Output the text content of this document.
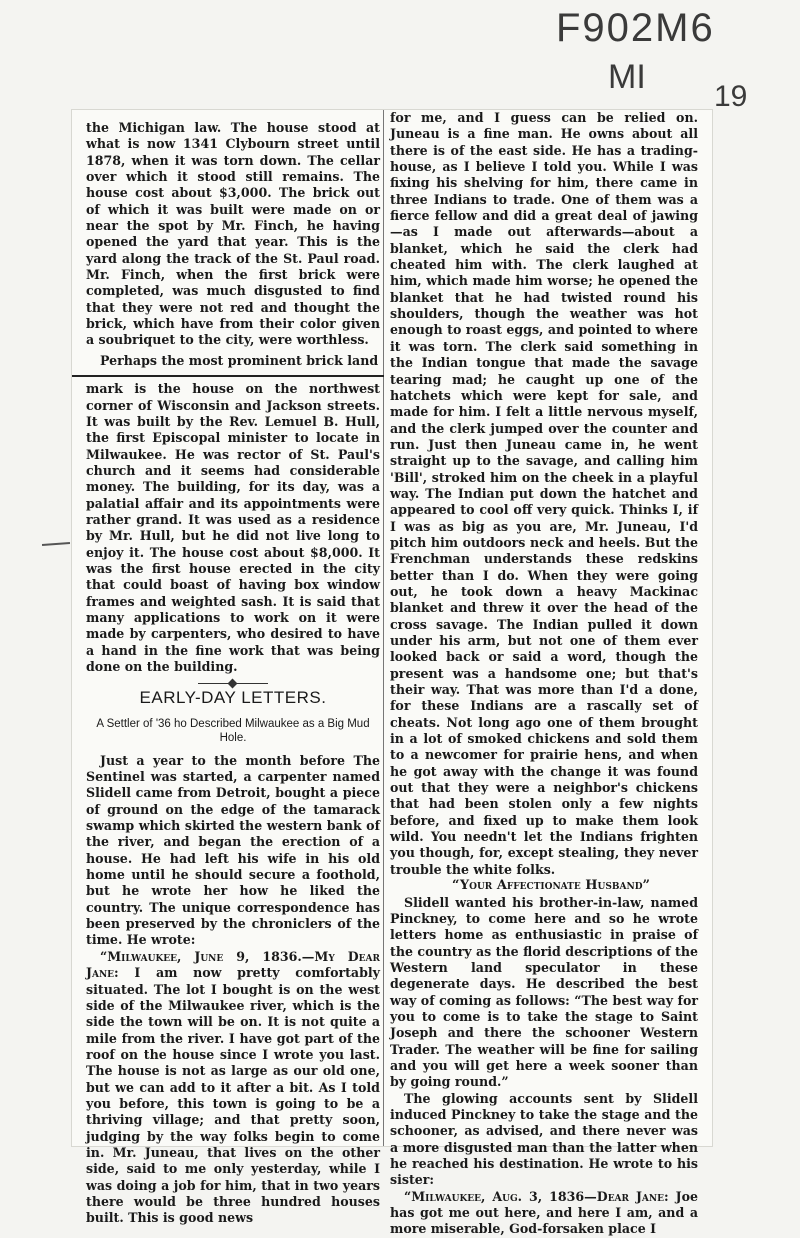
F902M6
MI
19

the Michigan law. The house stood at what is now 1341 Clybourn street until 1878, when it was torn down. The cellar over which it stood still remains. The house cost about $3,000. The brick out of which it was built were made on or near the spot by Mr. Finch, he having opened the yard that year. This is the yard along the track of the St. Paul road. Mr. Finch, when the first brick were completed, was much disgusted to find that they were not red and thought the brick, which have from their color given a soubriquet to the city, were worthless.

Perhaps the most prominent brick land

mark is the house on the northwest corner of Wisconsin and Jackson streets. It was built by the Rev. Lemuel B. Hull, the first Episcopal minister to locate in Milwaukee. He was rector of St. Paul's church and it seems had considerable money. The building, for its day, was a palatial affair and its appointments were rather grand. It was used as a residence by Mr. Hull, but he did not live long to enjoy it. The house cost about $8,000. It was the first house erected in the city that could boast of having box window frames and weighted sash. It is said that many applications to work on it were made by carpenters, who desired to have a hand in the fine work that was being done on the building.

EARLY-DAY LETTERS.
A Settler of '36 ho Described Milwaukee as a Big Mud Hole.

Just a year to the month before The Sentinel was started, a carpenter named Slidell came from Detroit, bought a piece of ground on the edge of the tamarack swamp which skirted the western bank of the river, and began the erection of a house. He had left his wife in his old home until he should secure a foothold, but he wrote her how he liked the country. The unique correspondence has been preserved by the chroniclers of the time. He wrote:

“Milwaukee, June 9, 1836.—My Dear Jane: I am now pretty comfortably situated. The lot I bought is on the west side of the Milwaukee river, which is the side the town will be on. It is not quite a mile from the river. I have got part of the roof on the house since I wrote you last. The house is not as large as our old one, but we can add to it after a bit. As I told you before, this town is going to be a thriving village; and that pretty soon, judging by the way folks begin to come in. Mr. Juneau, that lives on the other side, said to me only yesterday, while I was doing a job for him, that in two years there would be three hundred houses built. This is good news

for me, and I guess can be relied on. Juneau is a fine man. He owns about all there is of the east side. He has a trading-house, as I believe I told you. While I was fixing his shelving for him, there came in three Indians to trade. One of them was a fierce fellow and did a great deal of jawing—as I made out afterwards—about a blanket, which he said the clerk had cheated him with. The clerk laughed at him, which made him worse; he opened the blanket that he had twisted round his shoulders, though the weather was hot enough to roast eggs, and pointed to where it was torn. The clerk said something in the Indian tongue that made the savage tearing mad; he caught up one of the hatchets which were kept for sale, and made for him. I felt a little nervous myself, and the clerk jumped over the counter and run. Just then Juneau came in, he went straight up to the savage, and calling him 'Bill', stroked him on the cheek in a playful way. The Indian put down the hatchet and appeared to cool off very quick. Thinks I, if I was as big as you are, Mr. Juneau, I'd pitch him outdoors neck and heels. But the Frenchman understands these redskins better than I do. When they were going out, he took down a heavy Mackinac blanket and threw it over the head of the cross savage. The Indian pulled it down under his arm, but not one of them ever looked back or said a word, though the present was a handsome one; but that's their way. That was more than I'd a done, for these Indians are a rascally set of cheats. Not long ago one of them brought in a lot of smoked chickens and sold them to a newcomer for prairie hens, and when he got away with the change it was found out that they were a neighbor's chickens that had been stolen only a few nights before, and fixed up to make them look wild. You needn't let the Indians frighten you though, for, except stealing, they never trouble the white folks.

“Your Affectionate Husband”

Slidell wanted his brother-in-law, named Pinckney, to come here and so he wrote letters home as enthusiastic in praise of the country as the florid descriptions of the Western land speculator in these degenerate days. He described the best way of coming as follows: “The best way for you to come is to take the stage to Saint Joseph and there the schooner Western Trader. The weather will be fine for sailing and you will get here a week sooner than by going round.”

The glowing accounts sent by Slidell induced Pinckney to take the stage and the schooner, as advised, and there never was a more disgusted man than the latter when he reached his destination. He wrote to his sister:

“Milwaukee, Aug. 3, 1836—Dear Jane: Joe has got me out here, and here I am, and a more miserable, God-forsaken place I
